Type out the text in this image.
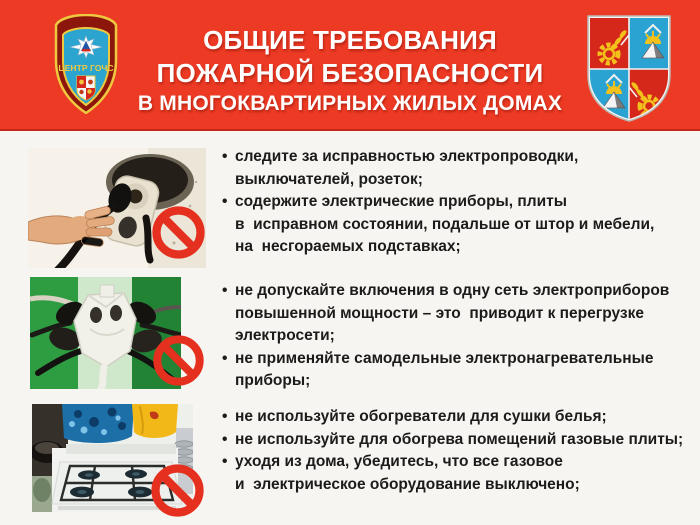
ЦЕНТР ГОЧС
ОБЩИЕ ТРЕБОВАНИЯ
ПОЖАРНОЙ БЕЗОПАСНОСТИ
В МНОГОКВАРТИРНЫХ ЖИЛЫХ ДОМАХ
• следите за исправностью электропроводки,
выключателей, розеток;
• содержите электрические приборы, плиты
в  исправном состоянии, подальше от штор и мебели,
на  несгораемых подставках;
• не допускайте включения в одну сеть электроприборов
повышенной мощности – это  приводит к перегрузке
электросети;
• не применяйте самодельные электронагревательные
приборы;
• не используйте обогреватели для сушки белья;
• не используйте для обогрева помещений газовые плиты;
• уходя из дома, убедитесь, что все газовое
и  электрическое оборудование выключено;
